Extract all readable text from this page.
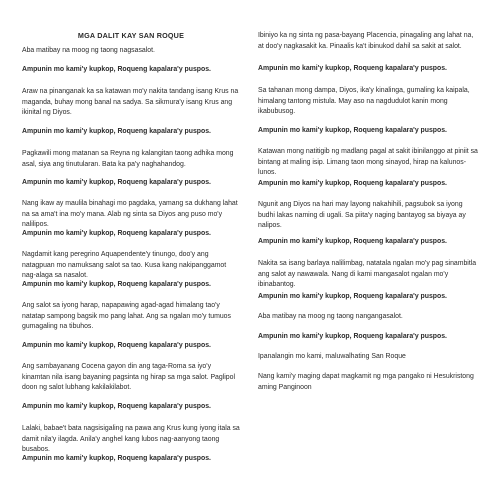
MGA DALIT KAY SAN ROQUE

Aba matibay na moog ng taong nagsasalot.

Ampunin mo kami'y kupkop, Roqueng kapalara'y puspos.

Araw na pinanganak ka sa katawan mo'y nakita tandang isang Krus na maganda, buhay mong banal na sadya. Sa sikmura'y isang Krus ang ikinital ng Diyos.

Ampunin mo kami'y kupkop, Roqueng kapalara'y puspos.

Pagkawili mong matanan sa Reyna ng kalangitan taong adhika mong asal, siya ang tinutularan. Bata ka pa'y naghahandog.

Ampunin mo kami'y kupkop, Roqueng kapalara'y puspos.

Nang ikaw ay maulila binahagi mo pagdaka, yamang sa dukhang lahat na sa ama't ina mo'y mana. Alab ng sinta sa Diyos ang puso mo'y nalilipos.

Ampunin mo kami'y kupkop, Roqueng kapalara'y puspos.

Nagdamit kang peregrino Aquapendente'y tinungo, doo'y ang natagpuan mo namuksang salot sa tao. Kusa kang nakipanggamot nag-alaga sa nasalot.

Ampunin mo kami'y kupkop, Roqueng kapalara'y puspos.

Ang salot sa iyong harap, napapawing agad-agad himalang tao'y natatap sampong bagsik mo pang lahat. Ang sa ngalan mo'y tumuos gumagaling na tibuhos.

Ampunin mo kami'y kupkop, Roqueng kapalara'y puspos.

Ang sambayanang Cocena gayon din ang taga-Roma sa iyo'y kinamtan nila isang bayaning pagsinta ng hirap sa mga salot. Paglipol doon ng salot lubhang kakilakilabot.

Ampunin mo kami'y kupkop, Roqueng kapalara'y puspos.

Lalaki, babae't bata nagsisigaling na pawa ang Krus kung iyong itala sa damit nila'y ilagda. Anila'y anghel kang lubos nag-aanyong taong busabos.

Ampunin mo kami'y kupkop, Roqueng kapalara'y puspos.

Ibiniyo ka ng sinta ng pasa-bayang Placencia, pinagaling ang lahat na, at doo'y nagkasakit ka. Pinaalis ka't ibinukod dahil sa sakit at salot.

Ampunin mo kami'y kupkop, Roqueng kapalara'y puspos.

Sa tahanan mong dampa, Diyos, ika'y kinalinga, gumaling ka kaipala, himalang tantong mistula. May aso na nagdudulot kanin mong ikabubusog.

Ampunin mo kami'y kupkop, Roqueng kapalara'y puspos.

Katawan mong natitigib ng madlang pagal at sakit ibinilanggo at piniit sa bintang at maling isip. Limang taon mong sinayod, hirap na kalunos-lunos.

Ampunin mo kami'y kupkop, Roqueng kapalara'y puspos.

Ngunit ang Diyos na hari may layong nakahihili, pagsubok sa iyong budhi lakas naming di ugali. Sa piita'y naging bantayog sa biyaya ay nalipos.

Ampunin mo kami'y kupkop, Roqueng kapalara'y puspos.

Nakita sa isang barlaya nalilimbag, natatala ngalan mo'y pag sinambitla ang salot ay nawawala. Nang di kami mangasalot ngalan mo'y ibinabantog.

Ampunin mo kami'y kupkop, Roqueng kapalara'y puspos.

Aba matibay na moog ng taong nangangasalot.

Ampunin mo kami'y kupkop, Roqueng kapalara'y puspos.

Ipanalangin mo kami, maluwalhating San Roque

Nang kami'y maging dapat magkamit ng mga pangako ni Hesukristong aming Panginoon
